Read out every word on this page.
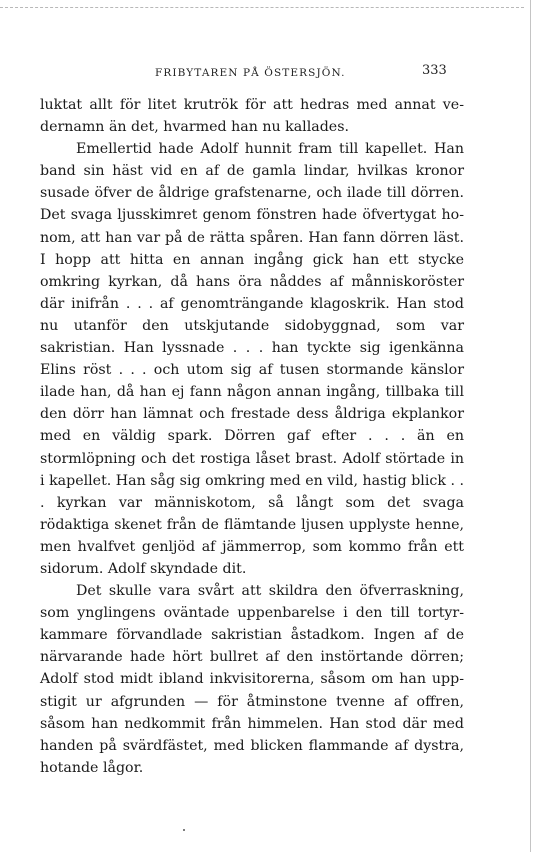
FRIBYTAREN PÅ ÖSTERSJÖN.	333

luktat allt för litet krutrök för att hedras med annat ve-dernamn än det, hvarmed han nu kallades.

Emellertid hade Adolf hunnit fram till kapellet. Han band sin häst vid en af de gamla lindar, hvilkas kronor susade öfver de åldrige grafstenarne, och ilade till dörren. Det svaga ljusskimret genom fönstren hade öfvertygat ho-nom, att han var på de rätta spåren. Han fann dörren läst. I hopp att hitta en annan ingång gick han ett stycke omkring kyrkan, då hans öra nåddes af månniskoröster där inifrån . . . af genomträngande klagoskrik. Han stod nu utanför den utskjutande sidobyggnad, som var sakristian. Han lyssnade . . . han tyckte sig igenkänna Elins röst . . . och utom sig af tusen stormande känslor ilade han, då han ej fann någon annan ingång, tillbaka till den dörr han lämnat och frestade dess åldriga ekplankor med en väldig spark. Dörren gaf efter . . . än en stormlöpning och det rostiga låset brast. Adolf störtade in i kapellet. Han såg sig omkring med en vild, hastig blick . . . kyrkan var människotom, så långt som det svaga rödaktiga skenet från de flämtande ljusen upplyste henne, men hvalfvet genljöd af jämmerrop, som kommo från ett sidorum. Adolf skyndade dit.

Det skulle vara svårt att skildra den öfverraskning, som ynglingens oväntade uppenbarelse i den till tortyr-kammare förvandlade sakristian åstadkom. Ingen af de närvarande hade hört bullret af den instörtande dörren; Adolf stod midt ibland inkvisitorerna, såsom om han upp-stigit ur afgrunden — för åtminstone tvenne af offren, såsom han nedkommit från himmelen. Han stod där med handen på svärdfästet, med blicken flammande af dystra, hotande lågor.
